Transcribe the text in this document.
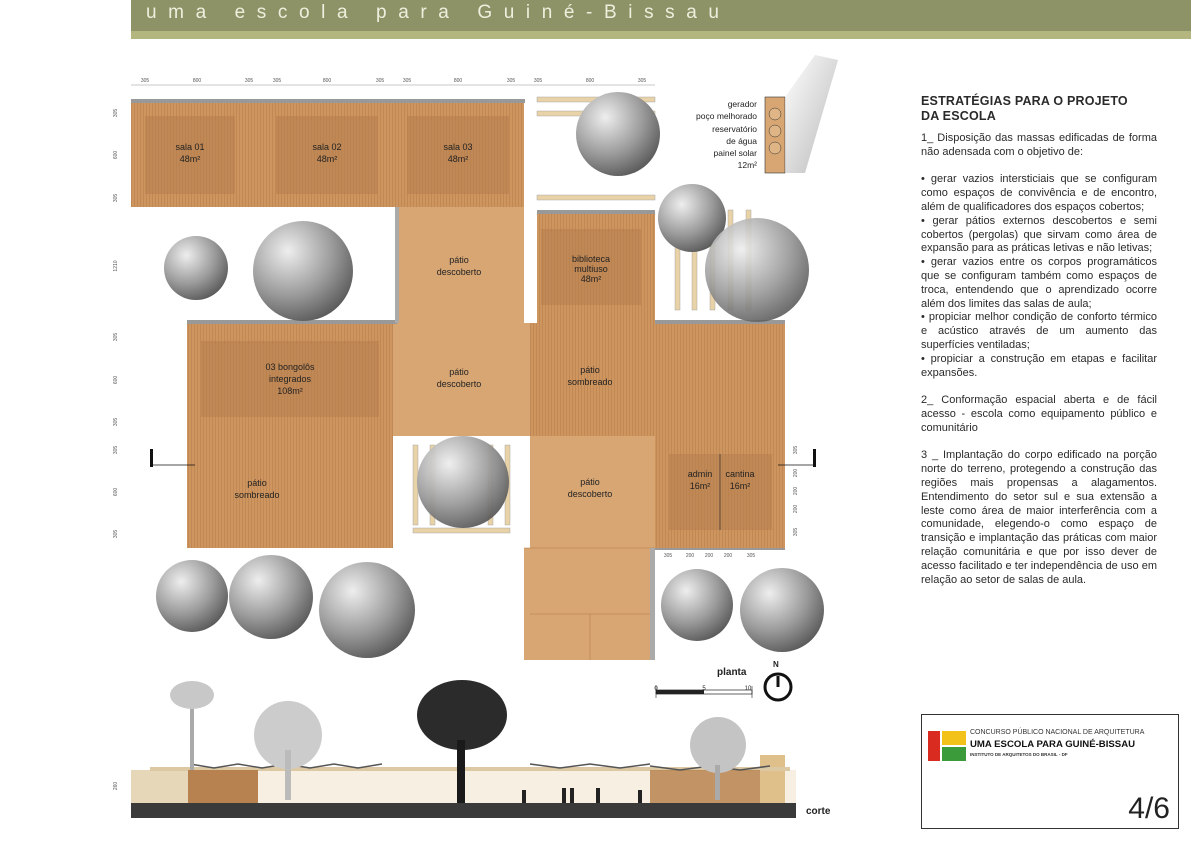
uma escola para Guiné-Bissau
sala 01
48m²
sala 02
48m²
sala 03
48m²
biblioteca
multiuso
48m²
03 bongolôs
integrados
108m²
admin
16m²
cantina
16m²
pátio
descoberto
pátio
descoberto
pátio
sombreado
pátio
sombreado
pátio
descoberto
305	800	305	305	800	305	305	800	305	305	800	305
305
600
305
1210
305
600
305
305
600
305
305
200
200
200
305
305	200 200 200	305
0	5	10
260
gerador
poço melhorado
reservatório
de água
painel solar
12m²
planta
N
corte
ESTRATÉGIAS PARA O PROJETO
DA ESCOLA

1_ Disposição das massas edificadas de forma não adensada com o objetivo de:

• gerar vazios intersticiais que se configuram como espaços de convivência e de encontro, além de qualificadores dos espaços cobertos;
• gerar pátios externos descobertos e semi cobertos (pergolas) que sirvam como área de expansão para as práticas letivas e não letivas;
• gerar vazios entre os corpos programáticos que se configuram também como espaços de troca, entendendo que o aprendizado ocorre além dos limites das salas de aula;
• propiciar melhor condição de conforto térmico e acústico através de um aumento das superfícies ventiladas;
• propiciar a construção em etapas e facilitar expansões.

2_ Conformação espacial aberta e de fácil acesso - escola como equipamento público e comunitário

3 _ Implantação do corpo edificado na porção norte do terreno, protegendo a construção das regiões mais propensas a alagamentos. Entendimento do setor sul e sua extensão a leste como área de maior interferência com a comunidade, elegendo-o como espaço de transição e implantação das práticas com maior relação comunitária e que por isso dever de acesso facilitado e ter independência de uso em relação ao setor de salas de aula.

CONCURSO PÚBLICO NACIONAL DE ARQUITETURA
UMA ESCOLA PARA GUINÉ-BISSAU
INSTITUTO DE ARQUITETOS DO BRASIL - DF
4/6
